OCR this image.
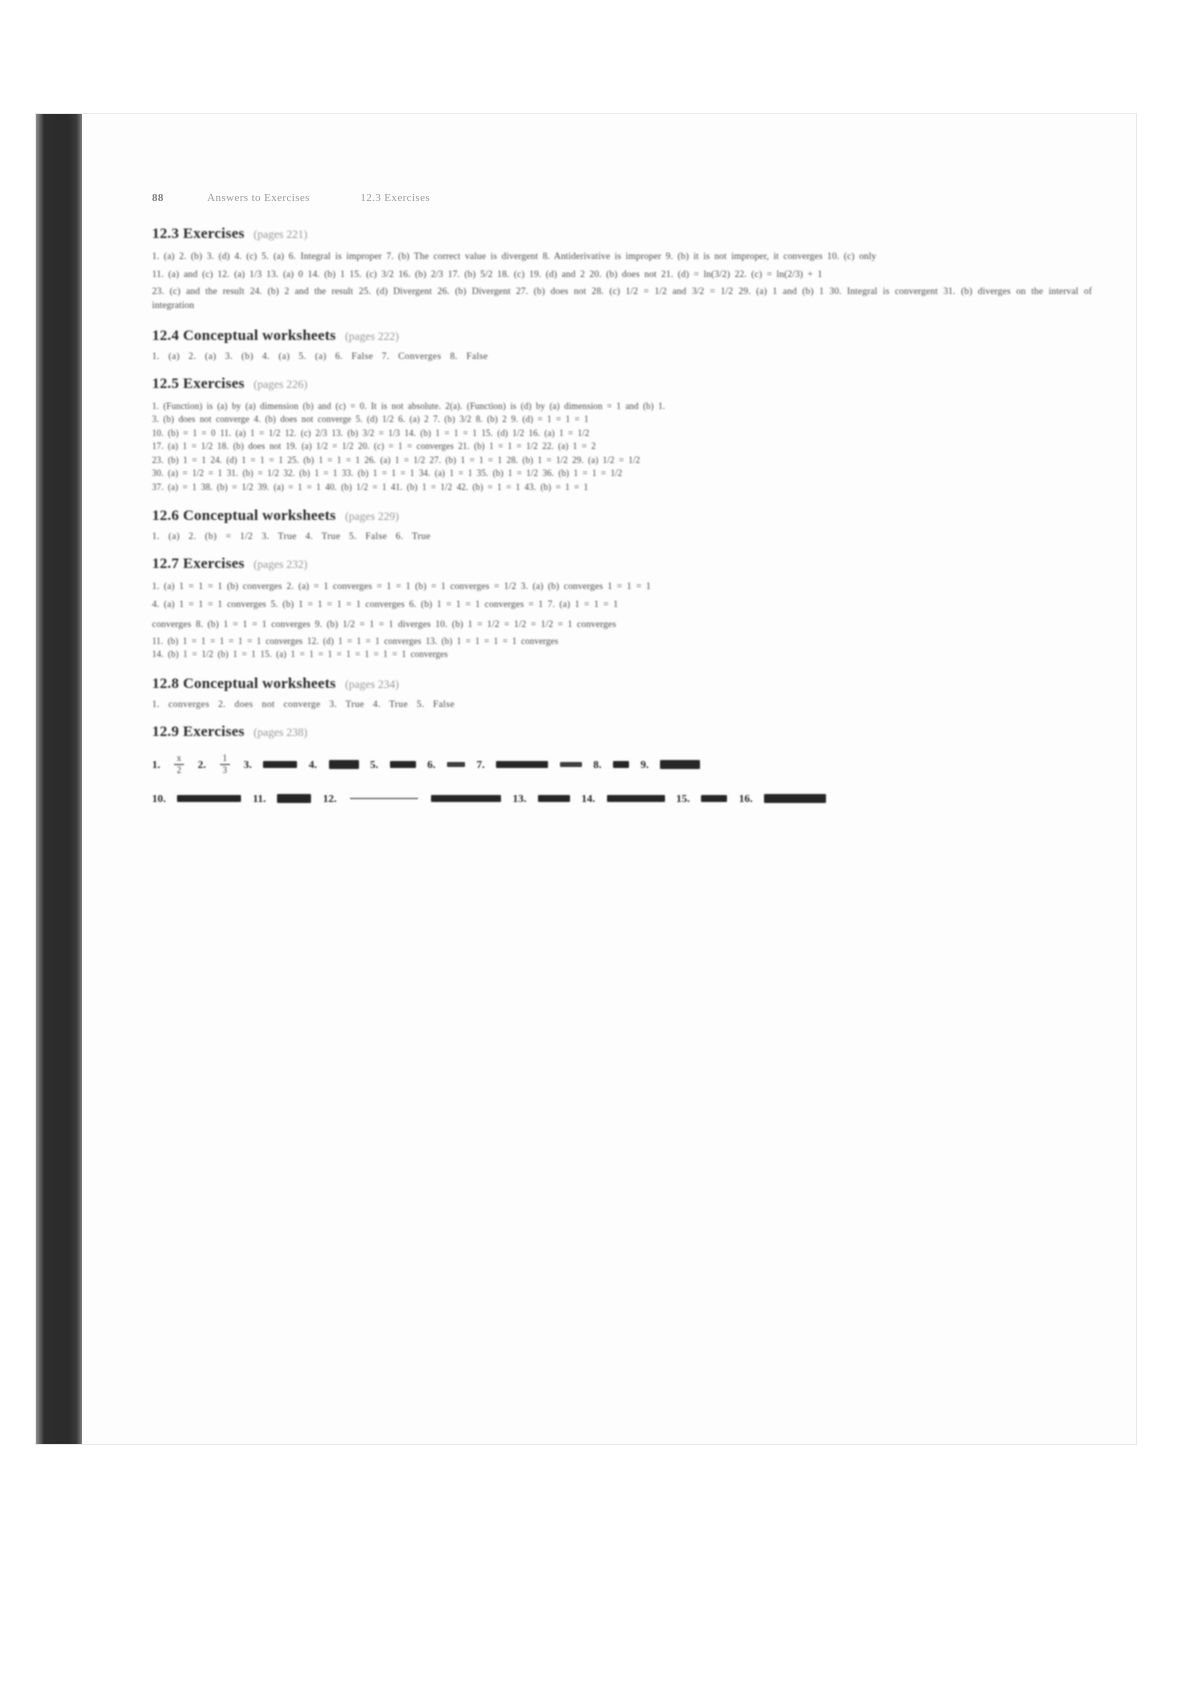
88	Answers to Exercises	12.3 Exercises
12.3 Exercises (pages 221)
1. (a) 2. (b) 3. (d) 4. (c) 5. (a) 6. Integral is improper 7. (b) The correct value is divergent 8. Antiderivative is improper 9. (b) it is not improper, it converges 10. (c) only
11. (a) and (c) 12. (a) 1/3 13. (a) 0 14. (b) 1 15. (c) 3/2 16. (b) 2/3 17. (b) 5/2 18. (c) 19. (d) and 2 20. (b) does not 21. (d) = ln(3/2) 22. (c) = ln(2/3) + 1
23. (c) and the result 24. (b) 2 and the result 25. (d) Divergent 26. (b) Divergent 27. (b) does not 28. (c) 1/2 = 1/2 and 3/2 = 1/2 29. (a) 1 and (b) 1 30. Integral is convergent 31. (b) diverges on the interval of integration
12.4 Conceptual worksheets (pages 222)
1. (a) 2. (a) 3. (b) 4. (a) 5. (a) 6. False 7. Converges 8. False
12.5 Exercises (pages 226)
1. (Function) is (a) by (a) dimension (b) and (c) = 0. It is not absolute. 2(a). (Function) is (d) by (a) dimension = 1 and (b) 1.
3. (b) does not converge 4. (b) does not converge 5. (d) 1/2 6. (a) 2 7. (b) 3/2 8. (b) 2 9. (d) = 1 = 1 = 1
10. (b) = 1 = 0 11. (a) 1 = 1/2 12. (c) 2/3 13. (b) 3/2 = 1/3 14. (b) 1 = 1 = 1 15. (d) 1/2 16. (a) 1 = 1/2
17. (a) 1 = 1/2 18. (b) does not 19. (a) 1/2 = 1/2 20. (c) = 1 = converges 21. (b) 1 = 1 = 1/2 22. (a) 1 = 2
23. (b) 1 = 1 24. (d) 1 = 1 = 1 25. (b) 1 = 1 = 1 26. (a) 1 = 1/2 27. (b) 1 = 1 = 1 28. (b) 1 = 1/2 29. (a) 1/2 = 1/2
30. (a) = 1/2 = 1 31. (b) = 1/2 32. (b) 1 = 1 33. (b) 1 = 1 = 1 34. (a) 1 = 1 35. (b) 1 = 1/2 36. (b) 1 = 1 = 1/2
37. (a) = 1 38. (b) = 1/2 39. (a) = 1 = 1 40. (b) 1/2 = 1 41. (b) 1 = 1/2 42. (b) = 1 = 1 43. (b) = 1 = 1
12.6 Conceptual worksheets (pages 229)
1. (a) 2. (b) = 1/2 3. True 4. True 5. False 6. True
12.7 Exercises (pages 232)
1. (a) 1 = 1 = 1 (b) converges 2. (a) = 1 converges = 1 = 1 (b) = 1 converges = 1/2 3. (a) (b) converges 1 = 1 = 1
4. (a) 1 = 1 = 1 converges 5. (b) 1 = 1 = 1 = 1 converges 6. (b) 1 = 1 = 1 converges = 1 7. (a) 1 = 1 = 1
converges 8. (b) 1 = 1 = 1 converges 9. (b) 1/2 = 1 = 1 diverges 10. (b) 1 = 1/2 = 1/2 = 1/2 = 1 converges
11. (b) 1 = 1 = 1 = 1 = 1 converges 12. (d) 1 = 1 = 1 converges 13. (b) 1 = 1 = 1 = 1 converges
14. (b) 1 = 1/2 (b) 1 = 1 15. (a) 1 = 1 = 1 = 1 = 1 = 1 = 1 converges
12.8 Conceptual worksheets (pages 234)
1. converges 2. does not converge 3. True 4. True 5. False
12.9 Exercises (pages 238)
1. $\frac{x}{2} 2$. $\frac{1}{3} 3$.	4.	5.	6.	7.	8.	9.
10.	11.	12.

	13.	14.	15.	16.
